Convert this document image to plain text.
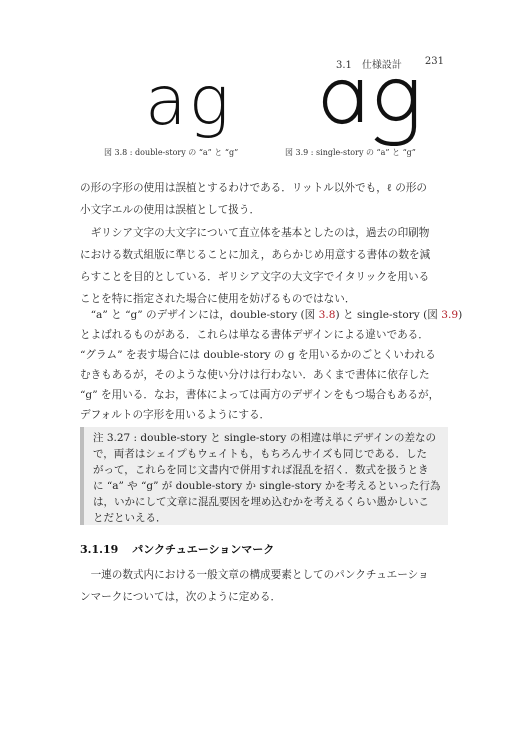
3.1　仕様設計 231
ag
図 3.8 : double-story の “a” と “g”	図 3.9 : single-story の “a” と “g”
の形の字形の使用は誤植とするわけである．リットル以外でも，ℓ の形の
小文字エルの使用は誤植として扱う．
　ギリシア文字の大文字について直立体を基本としたのは，過去の印刷物
における数式組版に準じることに加え，あらかじめ用意する書体の数を減
らすことを目的としている．ギリシア文字の大文字でイタリックを用いる
ことを特に指定された場合に使用を妨げるものではない．
　“a” と “g” のデザインには，double-story (図 3.8) と single-story (図 3.9)
とよばれるものがある．これらは単なる書体デザインによる違いである．
“グラム” を表す場合には double-story の g を用いるかのごとくいわれる
むきもあるが，そのような使い分けは行わない．あくまで書体に依存した
“g” を用いる．なお，書体によっては両方のデザインをもつ場合もあるが，
注 3.27 : double-story と single-story の相違は単にデザインの差なの
で，両者はシェイプもウェイトも，もちろんサイズも同じである．した
がって，これらを同じ文書内で併用すれば混乱を招く．数式を扱うとき
に “a” や “g” が double-story か single-story かを考えるといった行為
は，いかにして文章に混乱要因を埋め込むかを考えるくらい愚かしいこ
とだといえる．
3.1.19 パンクチュエーションマーク
　一連の数式内における一般文章の構成要素としてのパンクチュエーショ
ンマークについては，次のように定める．
デフォルトの字形を用いるようにする．
